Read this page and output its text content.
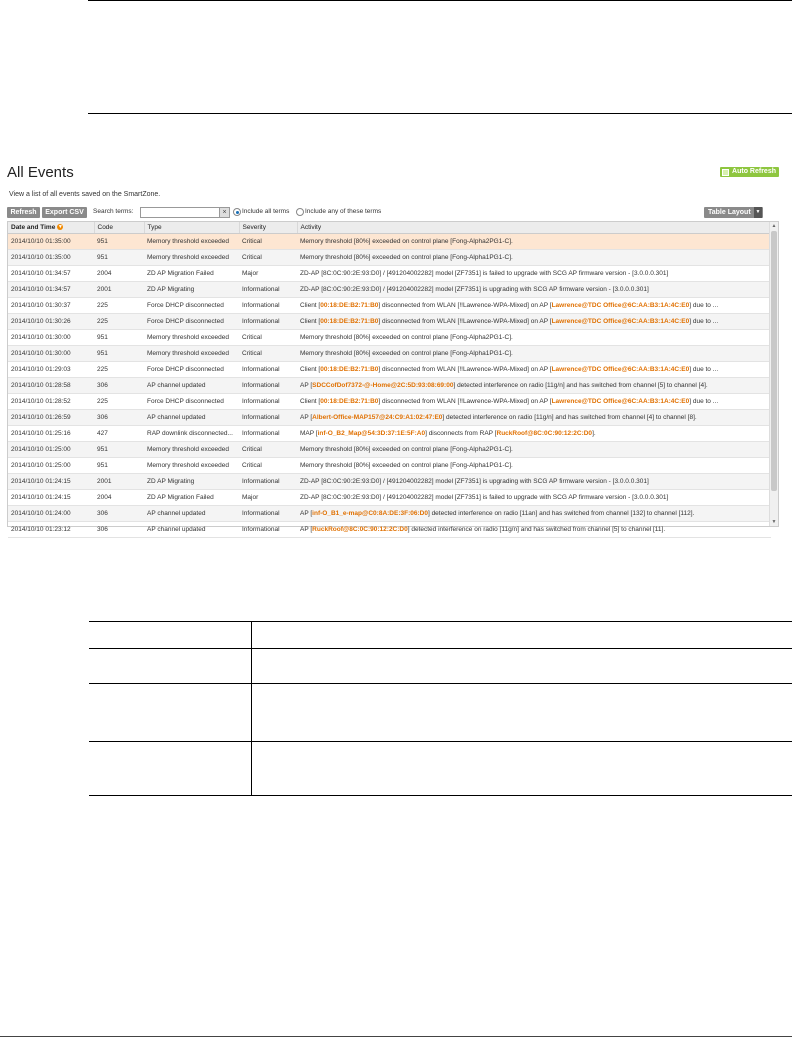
All Events	Auto Refresh
View a list of all events saved on the SmartZone.
Refresh	Export CSV	Search terms:	×	Include all terms Include any of these terms	Table Layout ▼
Date and Time ▼	Code	Type	Severity	Activity
2014/10/10 01:35:00	951	Memory threshold exceeded	Critical	Memory threshold [80%] exceeded on control plane [Fong-Alpha2PG1-C].
2014/10/10 01:35:00	951	Memory threshold exceeded	Critical	Memory threshold [80%] exceeded on control plane [Fong-Alpha1PG1-C].
2014/10/10 01:34:57	2004	ZD AP Migration Failed	Major	ZD-AP [8C:0C:90:2E:93:D0] / [491204002282] model [ZF7351] is failed to upgrade with SCG AP firmware version - [3.0.0.0.301]
2014/10/10 01:34:57	2001	ZD AP Migrating	Informational	ZD-AP [8C:0C:90:2E:93:D0] / [491204002282] model [ZF7351] is upgrading with SCG AP firmware version - [3.0.0.0.301]
2014/10/10 01:30:37	225	Force DHCP disconnected	Informational	Client [00:18:DE:B2:71:B0] disconnected from WLAN [!!Lawrence-WPA-Mixed] on AP [Lawrence@TDC Office@6C:AA:B3:1A:4C:E0] due to ...
2014/10/10 01:30:26	225	Force DHCP disconnected	Informational	Client [00:18:DE:B2:71:B0] disconnected from WLAN [!!Lawrence-WPA-Mixed] on AP [Lawrence@TDC Office@6C:AA:B3:1A:4C:E0] due to ...
2014/10/10 01:30:00	951	Memory threshold exceeded	Critical	Memory threshold [80%] exceeded on control plane [Fong-Alpha2PG1-C].
2014/10/10 01:30:00	951	Memory threshold exceeded	Critical	Memory threshold [80%] exceeded on control plane [Fong-Alpha1PG1-C].
2014/10/10 01:29:03	225	Force DHCP disconnected	Informational	Client [00:18:DE:B2:71:B0] disconnected from WLAN [!!Lawrence-WPA-Mixed] on AP [Lawrence@TDC Office@6C:AA:B3:1A:4C:E0] due to ...
2014/10/10 01:28:58	306	AP channel updated	Informational	AP [SDCCofDof7372-@-Home@2C:5D:93:08:69:00] detected interference on radio [11g/n] and has switched from channel [5] to channel [4].
2014/10/10 01:28:52	225	Force DHCP disconnected	Informational	Client [00:18:DE:B2:71:B0] disconnected from WLAN [!!Lawrence-WPA-Mixed] on AP [Lawrence@TDC Office@6C:AA:B3:1A:4C:E0] due to ...
2014/10/10 01:26:59	306	AP channel updated	Informational	AP [Albert-Office-MAP157@24:C9:A1:02:47:E0] detected interference on radio [11g/n] and has switched from channel [4] to channel [8].
2014/10/10 01:25:16	427	RAP downlink disconnected...	Informational	MAP [inf-O_B2_Map@54:3D:37:1E:5F:A0] disconnects from RAP [RuckRoof@8C:0C:90:12:2C:D0].
2014/10/10 01:25:00	951	Memory threshold exceeded	Critical	Memory threshold [80%] exceeded on control plane [Fong-Alpha2PG1-C].
2014/10/10 01:25:00	951	Memory threshold exceeded	Critical	Memory threshold [80%] exceeded on control plane [Fong-Alpha1PG1-C].
2014/10/10 01:24:15	2001	ZD AP Migrating	Informational	ZD-AP [8C:0C:90:2E:93:D0] / [491204002282] model [ZF7351] is upgrading with SCG AP firmware version - [3.0.0.0.301]
2014/10/10 01:24:15	2004	ZD AP Migration Failed	Major	ZD-AP [8C:0C:90:2E:93:D0] / [491204002282] model [ZF7351] is failed to upgrade with SCG AP firmware version - [3.0.0.0.301]
2014/10/10 01:24:00	306	AP channel updated	Informational	AP [inf-O_B1_e-map@C0:8A:DE:3F:06:D0] detected interference on radio [11an] and has switched from channel [132] to channel [112].
2014/10/10 01:23:12	306	AP channel updated	Informational	AP [RuckRoof@8C:0C:90:12:2C:D0] detected interference on radio [11g/n] and has switched from channel [5] to channel [11].
▲
▼
